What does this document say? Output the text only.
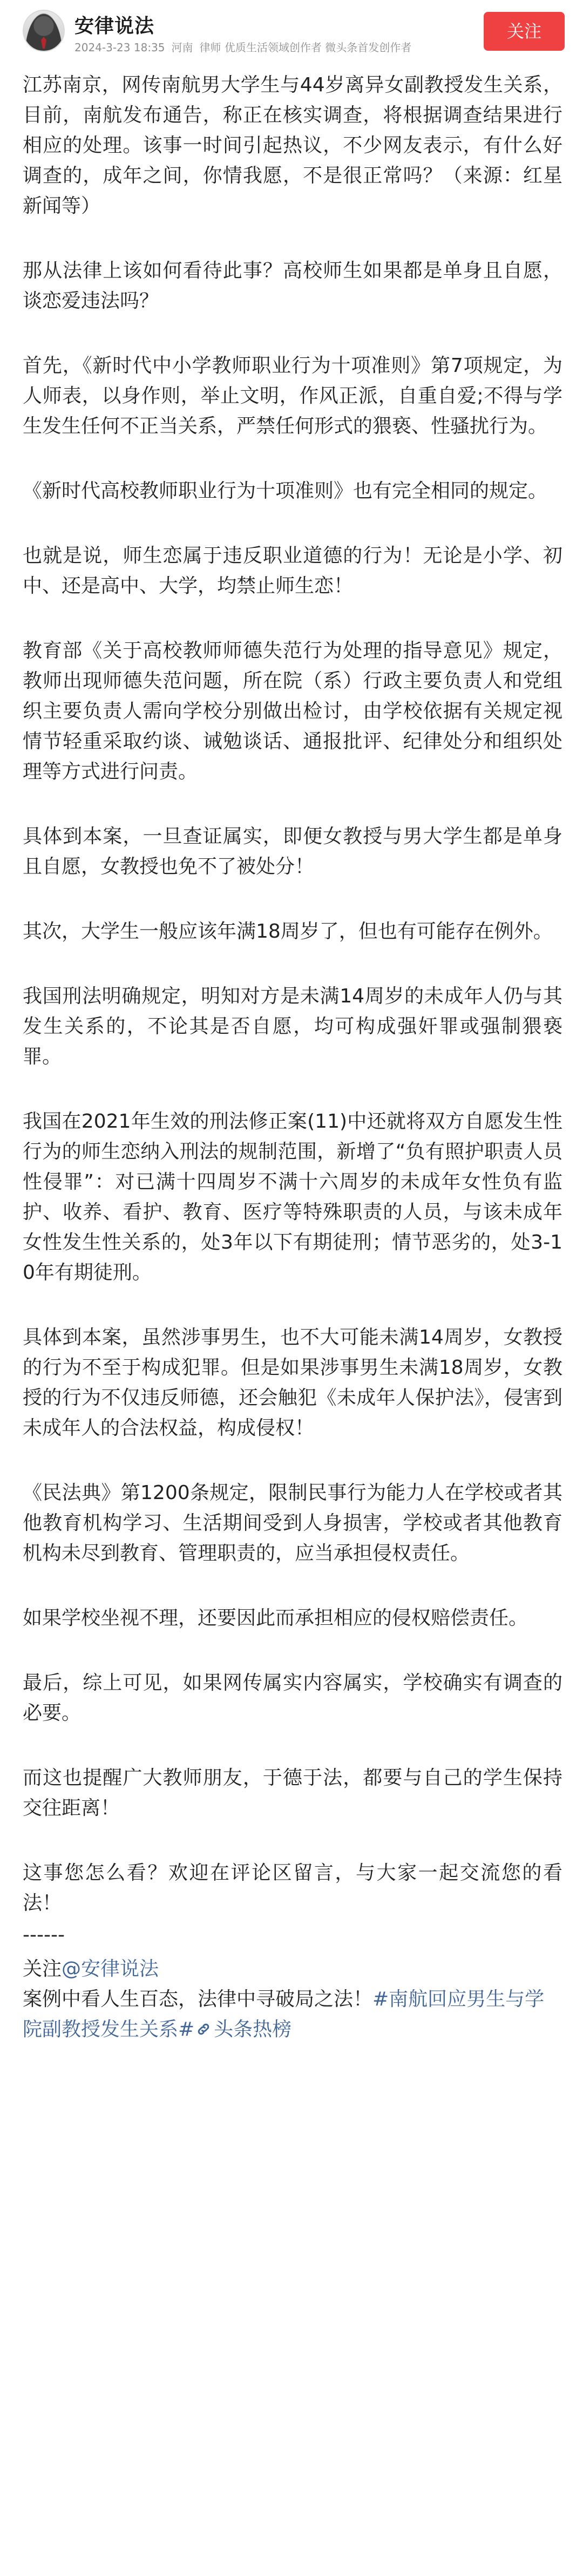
安律说法
2024-3-23 18:35 河南 律师 优质生活领域创作者 微头条首发创作者
关注

江苏南京，网传南航男大学生与44岁离异女副教授发生关系，目前，南航发布通告，称正在核实调查，将根据调查结果进行相应的处理。该事一时间引起热议，不少网友表示，有什么好调查的，成年之间，你情我愿，不是很正常吗？（来源：红星新闻等）

那从法律上该如何看待此事？高校师生如果都是单身且自愿，谈恋爱违法吗？

首先，《新时代中小学教师职业行为十项准则》第7项规定，为人师表，以身作则，举止文明，作风正派，自重自爱;不得与学生发生任何不正当关系，严禁任何形式的猥亵、性骚扰行为。

《新时代高校教师职业行为十项准则》也有完全相同的规定。

也就是说，师生恋属于违反职业道德的行为！无论是小学、初中、还是高中、大学，均禁止师生恋！

教育部《关于高校教师师德失范行为处理的指导意见》规定，教师出现师德失范问题，所在院（系）行政主要负责人和党组织主要负责人需向学校分别做出检讨，由学校依据有关规定视情节轻重采取约谈、诫勉谈话、通报批评、纪律处分和组织处理等方式进行问责。

具体到本案，一旦查证属实，即便女教授与男大学生都是单身且自愿，女教授也免不了被处分！

其次，大学生一般应该年满18周岁了，但也有可能存在例外。

我国刑法明确规定，明知对方是未满14周岁的未成年人仍与其发生关系的，不论其是否自愿，均可构成强奸罪或强制猥亵罪。

我国在2021年生效的刑法修正案(11)中还就将双方自愿发生性行为的师生恋纳入刑法的规制范围，新增了“负有照护职责人员性侵罪”：对已满十四周岁不满十六周岁的未成年女性负有监护、收养、看护、教育、医疗等特殊职责的人员，与该未成年女性发生性关系的，处3年以下有期徒刑；情节恶劣的，处3-10年有期徒刑。

具体到本案，虽然涉事男生，也不大可能未满14周岁，女教授的行为不至于构成犯罪。但是如果涉事男生未满18周岁，女教授的行为不仅违反师德，还会触犯《未成年人保护法》，侵害到未成年人的合法权益，构成侵权！

《民法典》第1200条规定，限制民事行为能力人在学校或者其他教育机构学习、生活期间受到人身损害，学校或者其他教育机构未尽到教育、管理职责的，应当承担侵权责任。

如果学校坐视不理，还要因此而承担相应的侵权赔偿责任。

最后，综上可见，如果网传属实内容属实，学校确实有调查的必要。

而这也提醒广大教师朋友，于德于法，都要与自己的学生保持交往距离！

这事您怎么看？欢迎在评论区留言，与大家一起交流您的看法！

------

关注@安律说法

案例中看人生百态，法律中寻破局之法！#南航回应男生与学院副教授发生关系# 头条热榜
